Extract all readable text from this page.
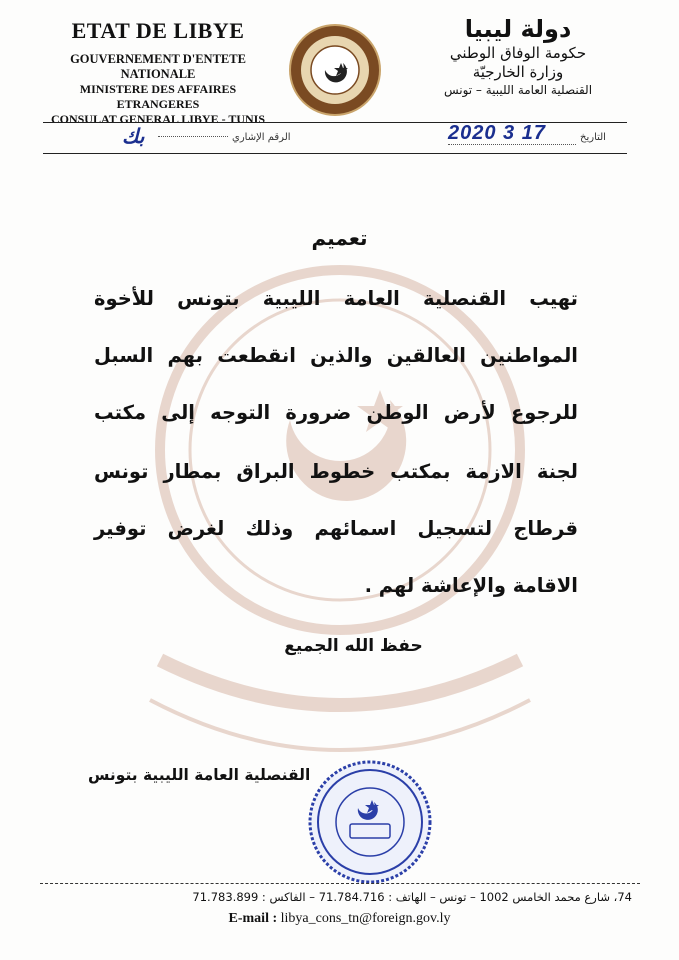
ETAT DE LIBYE
GOUVERNEMENT D'ENTETE NATIONALE
MINISTERE DES AFFAIRES ETRANGERES
CONSULAT GENERAL LIBYE - TUNIS
دولة ليبيا
حكومة الوفاق الوطني
وزارة الخارجيّة
القنصلية العامة الليبية – تونس
بك	الرقم الإشاري	2020 3 17	التاريخ
تعميم
تهيب القنصلية العامة الليبية بتونس للأخوة
المواطنين العالقين والذين انقطعت بهم السبل
للرجوع لأرض الوطن ضرورة التوجه إلى مكتب
لجنة الازمة بمكتب خطوط البراق بمطار تونس
قرطاج لتسجيل اسمائهم وذلك لغرض توفير
الاقامة والإعاشة لهم .
حفظ الله الجميع
القنصلية العامة الليبية بتونس
74، شارع محمد الخامس 1002 – تونس – الهاتف : 71.784.716 – الفاكس : 71.783.899
E-mail : libya_cons_tn@foreign.gov.ly
